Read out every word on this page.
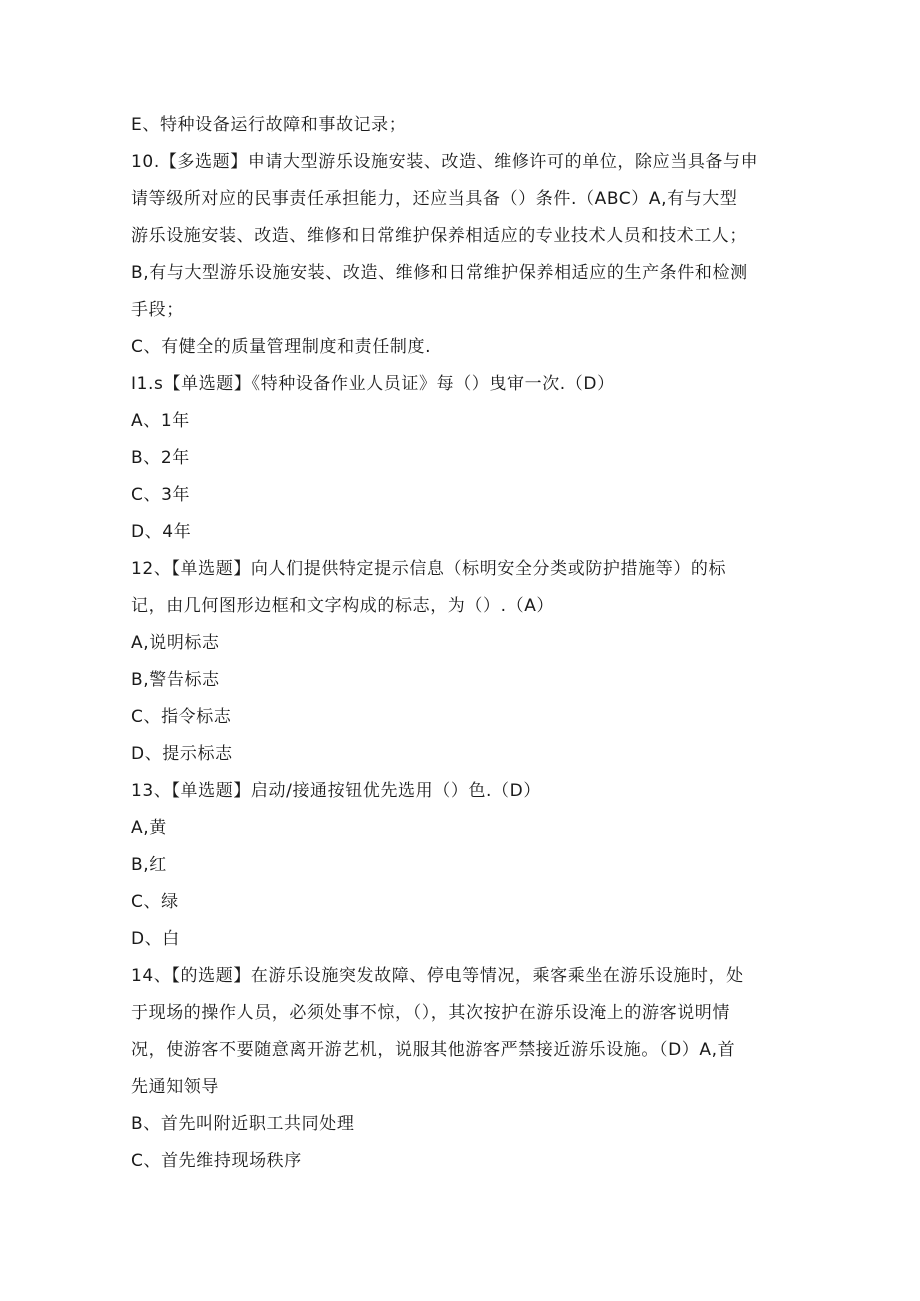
E、特种设备运行故障和事故记录；
10.【多选题】申请大型游乐设施安装、改造、维修许可的单位，除应当具备与申
请等级所对应的民事责任承担能力，还应当具备（）条件.（ABC）A,有与大型
游乐设施安装、改造、维修和日常维护保养相适应的专业技术人员和技术工人；
B,有与大型游乐设施安装、改造、维修和日常维护保养相适应的生产条件和检测
手段；
C、有健全的质量管理制度和责任制度.
I1.s【单选题】《特种设备作业人员证》每（）曳审一次.（D）
A、1年
B、2年
C、3年
D、4年
12、【单选题】向人们提供特定提示信息（标明安全分类或防护措施等）的标
记，由几何图形边框和文字构成的标志，为（）.（A）
A,说明标志
B,警告标志
C、指令标志
D、提示标志
13、【单选题】启动/接通按钮优先选用（）色.（D）
A,黄
B,红
C、绿
D、白
14、【的选题】在游乐设施突发故障、停电等情况，乘客乘坐在游乐设施时，处
于现场的操作人员，必须处事不惊，（），其次按护在游乐设淹上的游客说明情
况，使游客不要随意离开游艺机，说服其他游客严禁接近游乐设施。（D）A,首
先通知领导
B、首先叫附近职工共同处理
C、首先维持现场秩序
